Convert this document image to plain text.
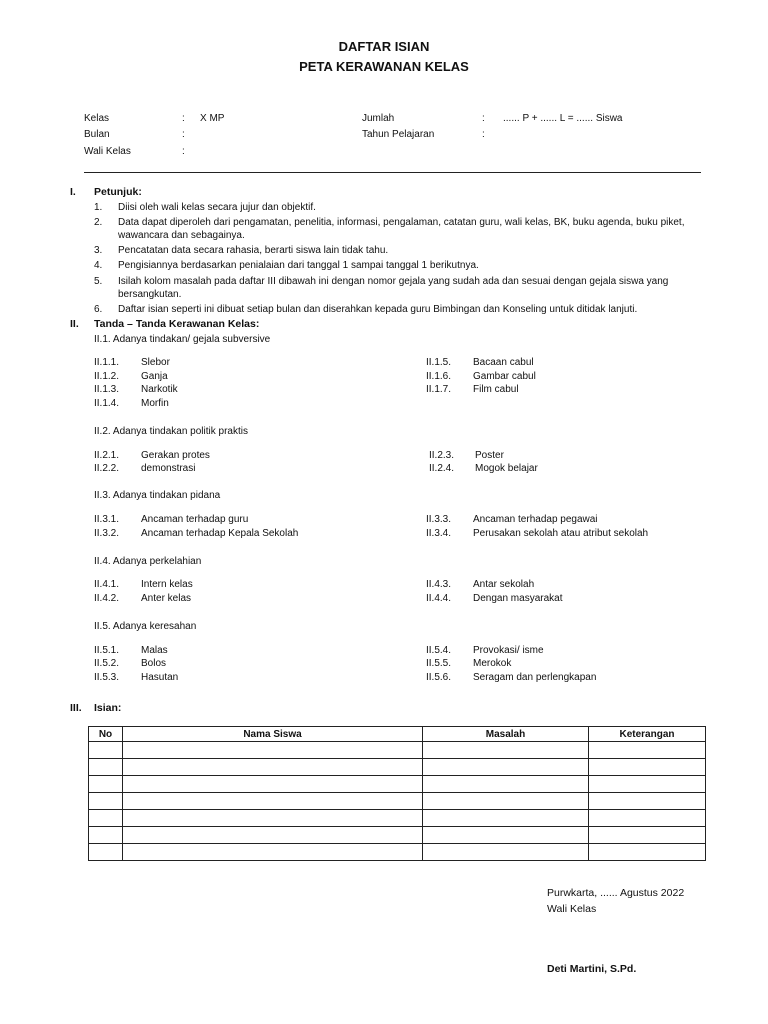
DAFTAR ISIAN
PETA KERAWANAN KELAS
Kelas	: X MP
Bulan	:
Wali Kelas	:
Jumlah	: ...... P + ...... L = ...... Siswa
Tahun Pelajaran	:
I. Petunjuk:
1. Diisi oleh wali kelas secara jujur dan objektif.
2. Data dapat diperoleh dari pengamatan, penelitia, informasi, pengalaman, catatan guru, wali kelas, BK, buku agenda, buku piket, wawancara dan sebagainya.
3. Pencatatan data secara rahasia, berarti siswa lain tidak tahu.
4. Pengisiannya berdasarkan penialaian dari tanggal 1 sampai tanggal 1 berikutnya.
5. Isilah kolom masalah pada daftar III dibawah ini dengan nomor gejala yang sudah ada dan sesuai dengan gejala siswa yang bersangkutan.
6. Daftar isian seperti ini dibuat setiap bulan dan diserahkan kepada guru Bimbingan dan Konseling untuk ditidak lanjuti.
II. Tanda – Tanda Kerawanan Kelas:
II.1. Adanya tindakan/ gejala subversive
II.1.1. Slebor
II.1.2. Ganja
II.1.3. Narkotik
II.1.4. Morfin
II.1.5. Bacaan cabul
II.1.6. Gambar cabul
II.1.7. Film cabul
II.2. Adanya tindakan politik praktis
II.2.1. Gerakan protes
II.2.2. demonstrasi
II.2.3. Poster
II.2.4. Mogok belajar
II.3. Adanya tindakan pidana
II.3.1. Ancaman terhadap guru
II.3.2. Ancaman terhadap Kepala Sekolah
II.3.3. Ancaman terhadap pegawai
II.3.4. Perusakan sekolah atau atribut sekolah
II.4. Adanya perkelahian
II.4.1. Intern kelas
II.4.2. Anter kelas
II.4.3. Antar sekolah
II.4.4. Dengan masyarakat
II.5. Adanya keresahan
II.5.1. Malas
II.5.2. Bolos
II.5.3. Hasutan
II.5.4. Provokasi/ isme
II.5.5. Merokok
II.5.6. Seragam dan perlengkapan
III. Isian:
No	Nama Siswa	Masalah	Keterangan

Purwkarta, ...... Agustus 2022
Wali Kelas
Deti Martini, S.Pd.
